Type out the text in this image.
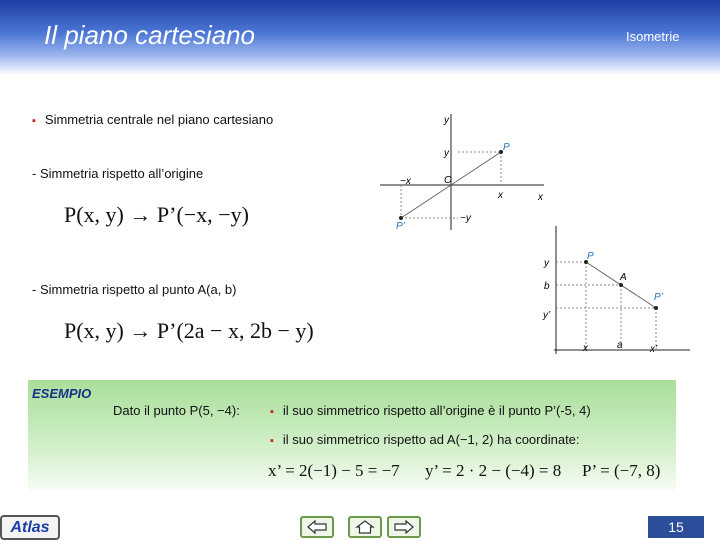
Il piano cartesiano	Isometrie
▪ Simmetria centrale nel piano cartesiano
- Simmetria rispetto all’origine
P(x, y) → P’(−x, −y)
- Simmetria rispetto al punto A(a, b)
P(x, y) → P’(2a − x, 2b − y)
y
x
y
x
−x
−y
O
P
P’
y
b
y’
x	a	x’
P
A
P’
ESEMPIO
Dato il punto P(5, −4):	▪ il suo simmetrico rispetto all’origine è il punto P’(-5, 4)
▪ il suo simmetrico rispetto ad A(−1, 2) ha coordinate:
x’ = 2(−1) − 5 = −7 y’ = 2 · 2 − (−4) = 8 P’ = (−7, 8)
Atlas	15
